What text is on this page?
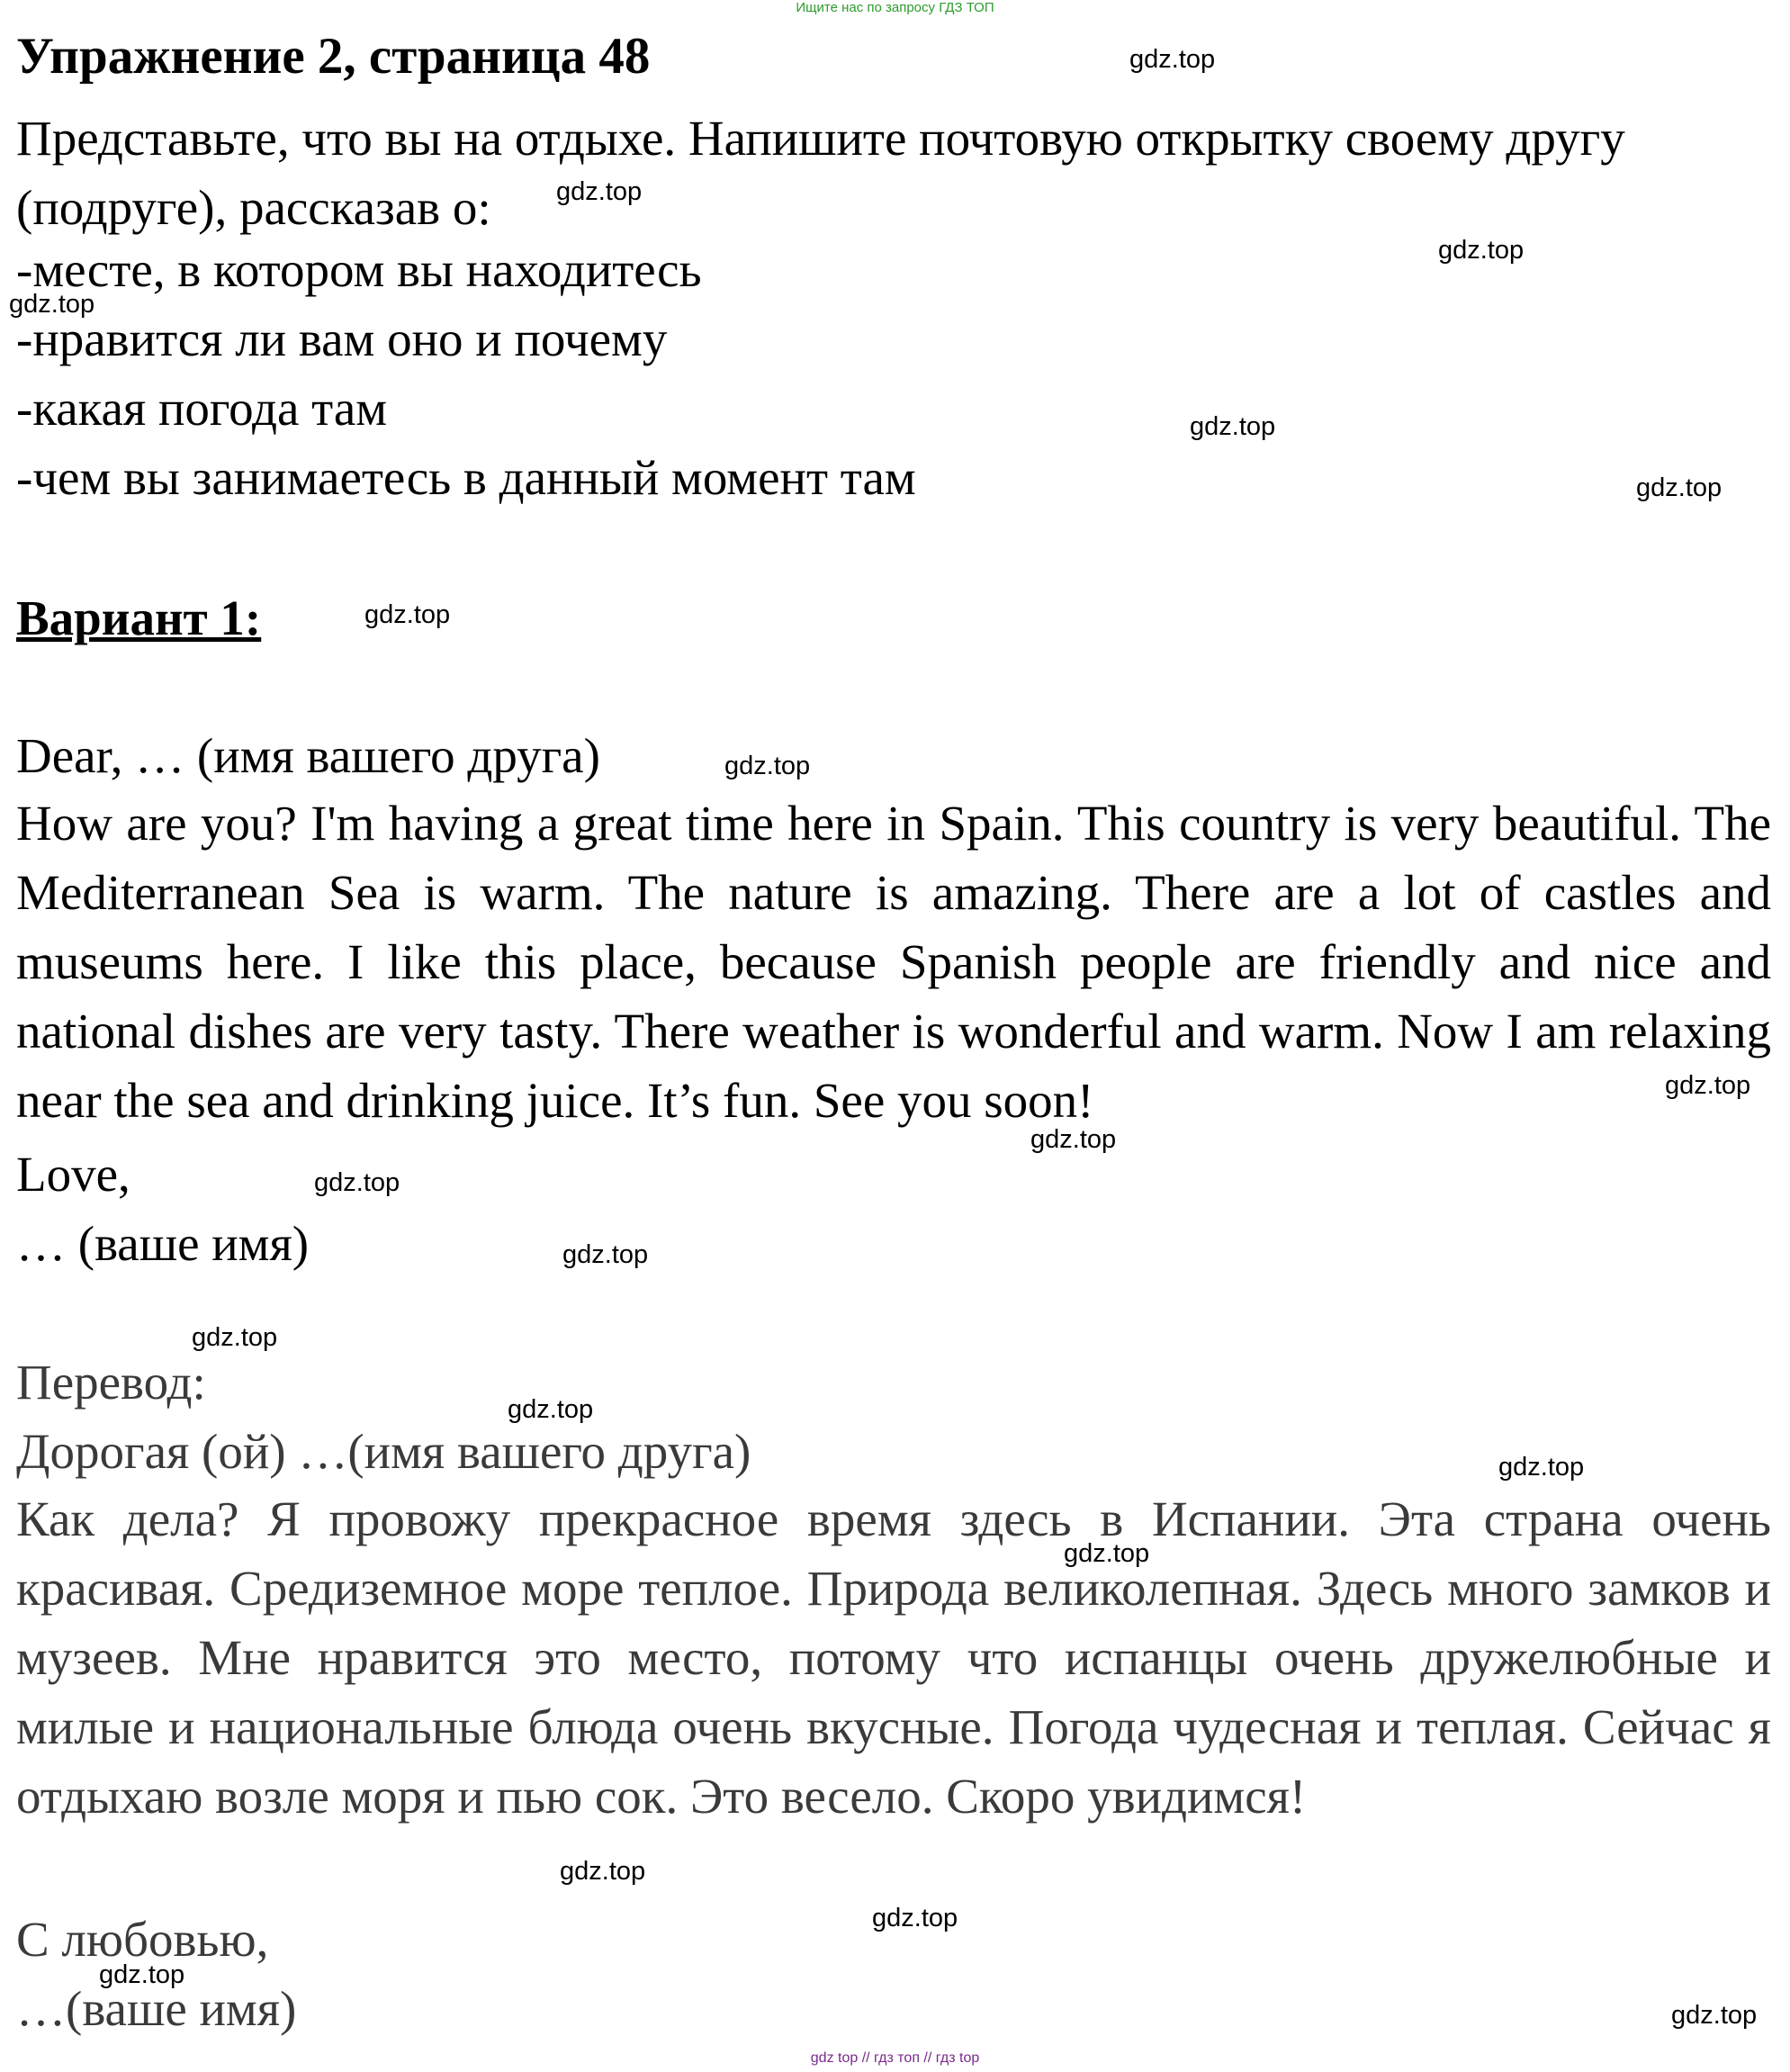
Ищите нас по запросу ГДЗ ТОП
Упражнение 2, страница 48
Представьте, что вы на отдыхе. Напишите почтовую открытку своему другу (подруге), рассказав о:
-месте, в котором вы находитесь
-нравится ли вам оно и почему
-какая погода там
-чем вы занимаетесь в данный момент там
Вариант 1:
Dear, … (имя вашего друга)
How are you? I'm having a great time here in Spain. This country is very beautiful. The Mediterranean Sea is warm. The nature is amazing. There are a lot of castles and museums here. I like this place, because Spanish people are friendly and nice and national dishes are very tasty. There weather is wonderful and warm. Now I am relaxing near the sea and drinking juice. It’s fun. See you soon!
Love,
… (ваше имя)
Перевод:
Дорогая (ой) …(имя вашего друга)
Как дела? Я провожу прекрасное время здесь в Испании. Эта страна очень красивая. Средиземное море теплое. Природа великолепная. Здесь много замков и музеев. Мне нравится это место, потому что испанцы очень дружелюбные и милые и национальные блюда очень вкусные. Погода чудесная и теплая. Сейчас я отдыхаю возле моря и пью сок. Это весело. Скоро увидимся!
С любовью,
…(ваше имя)
gdz.top
gdz.top
gdz.top
gdz.top
gdz.top
gdz.top
gdz.top
gdz.top
gdz.top
gdz.top
gdz.top
gdz.top
gdz.top
gdz.top
gdz.top
gdz.top
gdz.top
gdz.top
gdz.top
gdz.top
gdz top // гдз топ // гдз top
